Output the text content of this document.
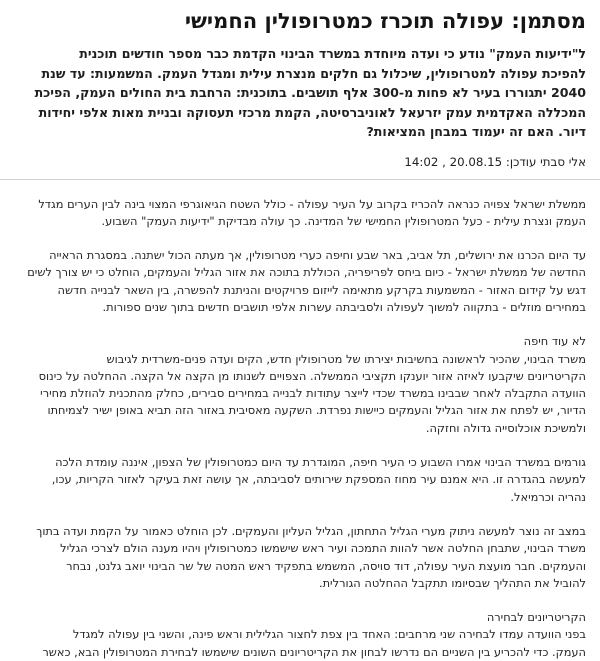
מסתמן: עפולה תוכרז כמטרופולין החמישי
ל"ידיעות העמק" נודע כי ועדה מיוחדת במשרד הבינוי הקדמת כבר מספר חודשים תוכנית
להפיכת עפולה למטרופולין, שיכלול גם חלקים מנצרת עילית ומגדל העמק. המשמעות: עד שנת
2040 יתגוררו בעיר לא פחות מ-300 אלף תושבים. בתוכנית: הרחבת בית החולים העמק, הפיכת
המכללה האקדמית עמק יזרעאל לאוניברסיטה, הקמת מרכזי תעסוקה ובניית מאות אלפי יחידות
דיור. האם זה יעמוד במבחן המציאות?
אלי סבתי עודכן: 20.08.15 , 14:02

ממשלת ישראל צפויה כנראה להכריז בקרוב על העיר עפולה - כולל השטח הגיאוגרפי המצוי בינה לבין הערים מגדל
העמק ונצרת עילית - כעל המטרופולין החמישי של המדינה. כך עולה מבדיקת "ידיעות העמק" השבוע.

עד היום הכרנו את ירושלים, תל אביב, באר שבע וחיפה כערי מטרופולין, אך מעתה הכול ישתנה. במסגרת הראייה
החדשה של ממשלת ישראל - כיום ביחס לפריפריה, הכוללת בתוכה את אזור הגליל והעמקים, הוחלט כי יש צורך לשים
דגש על קידום האזור - המשמעות בקרקע מתאימה לייזום פרויקטים והניתנת להפשרה, בין השאר לבנייה חדשה
במחירים מוזלים - בתקווה למשוך לעפולה ולסביבתה עשרות אלפי תושבים חדשים בתוך שנים ספורות.

לא עוד חיפה

משרד הבינוי, שהכיר לראשונה בחשיבות יצירתו של מטרופולין חדש, הקים ועדה פנים-משרדית לגיבוש
הקריטריונים שיקבעו לאיזה אזור יוענקו תקציבי הממשלה. הצפויים לשנותו מן הקצה אל הקצה. ההחלטה על כינוס
הוועדה התקבלה לאחר שבבינו במשרד שכדי לייצר עתודות לבנייה במחירים סבירים, כחלק מהתכנית להוזלת מחירי
הדיור, יש לפתח את אזור הגליל והעמקים כיישות נפרדת. השקעה מאסיבית באזור הזה תביא באופן ישיר לצמיחתו
ולמשיכת אוכלוסייה גדולה וחזקה.

גורמים במשרד הבינוי אמרו השבוע כי העיר חיפה, המוגדרת עד היום כמטרופולין של הצפון, איננה עומדת הלכה
למעשה בהגדרה זו. היא אמנם עיר מחוז המספקת שירותים לסביבתה, אך עושה זאת בעיקר לאזור הקריות, עכו,
נהריה וכרמיאל.

במצב זה נוצר למעשה ניתוק מערי הגליל התחתון, הגליל העליון והעמקים. לכן הוחלט כאמור על הקמת ועדה בתוך
משרד הבינוי, שתבחן החלטה אשר להוות התמכה ועיר ראש שישמשו כמטרופולין ויהיו מענה הולם לצרכי הגליל
והעמקים. חבר מועצת העיר עפולה, דוד סויסה, המשמש בתפקיד ראש המטה של שר הבינוי יואב גלנט, נבחר
להוביל את התהליך שבסיומו תתקבל ההחלטה הגורלית.

הקריטריונים לבחירה

בפני הוועדה עמדו לבחירה שני מרחבים: האחד בין צפת לחצור הגלילית וראש פינה, והשני בין עפולה למגדל
העמק. כדי להכריע בין השניים הם נדרשו לבחון את הקריטריונים השונים שישמשו לבחירת המטרופולין הבא, כאשר
